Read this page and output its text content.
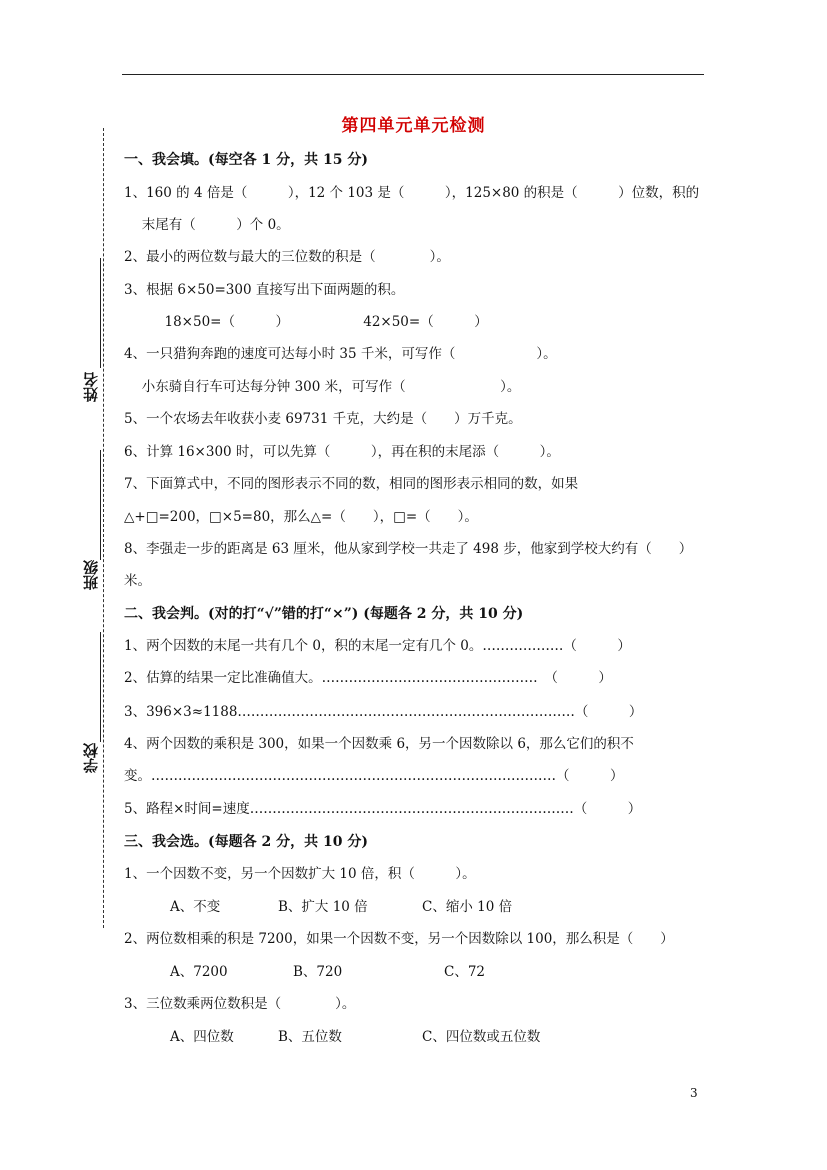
第四单元单元检测
姓名
班级
学校
一、我会填。(每空各 1 分，共 15 分)
1、160 的 4 倍是（　　　），12 个 103 是（　　　），125×80 的积是（　　　）位数，积的
　 末尾有（　　　）个 0。
2、最小的两位数与最大的三位数的积是（　　　　）。
3、根据 6×50=300 直接写出下面两题的积。
　　　18×50=（　　　）　　　　　　42×50=（　　　）
4、一只猎狗奔跑的速度可达每小时 35 千米，可写作（　　　　　　）。
　 小东骑自行车可达每分钟 300 米，可写作（　　　　　　　）。
5、一个农场去年收获小麦 69731 千克，大约是（　　）万千克。
6、计算 16×300 时，可以先算（　　　），再在积的末尾添（　　　）。
7、下面算式中，不同的图形表示不同的数，相同的图形表示相同的数，如果
△+□=200，□×5=80，那么△=（　　），□=（　　）。
8、李强走一步的距离是 63 厘米，他从家到学校一共走了 498 步，他家到学校大约有（　　）
米。
二、我会判。(对的打“√”错的打“×”) (每题各 2 分，共 10 分)
1、两个因数的末尾一共有几个 0，积的末尾一定有几个 0。………………（　　　）
2、估算的结果一定比准确值大。…………………………………………　（　　　）
3、396×3≈1188…………………………………………………………………（　　　）
4、两个因数的乘积是 300，如果一个因数乘 6，另一个因数除以 6，那么它们的积不
变。………………………………………………………………………………（　　　）
5、路程×时间=速度………………………………………………………………（　　　）
三、我会选。(每题各 2 分，共 10 分)
1、一个因数不变，另一个因数扩大 10 倍，积（　　　）。
A、不变	B、扩大 10 倍	C、缩小 10 倍
2、两位数相乘的积是 7200，如果一个因数不变，另一个因数除以 100，那么积是（　　）
A、7200	B、720	C、72
3、三位数乘两位数积是（　　　　）。
A、四位数	B、五位数	C、四位数或五位数
3
